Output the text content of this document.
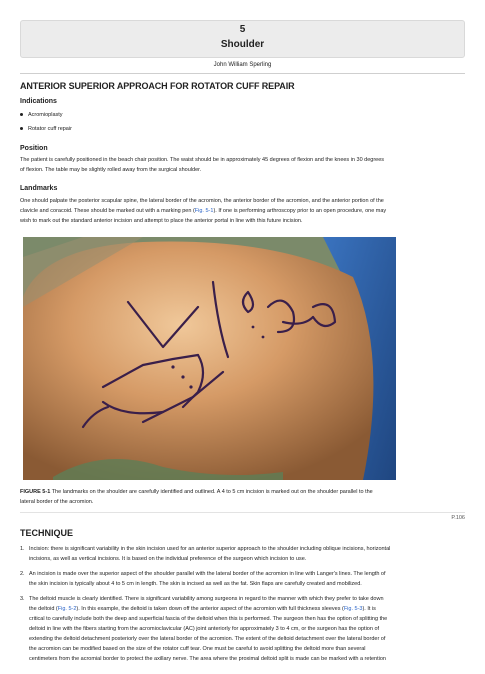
5
Shoulder
John William Sperling
ANTERIOR SUPERIOR APPROACH FOR ROTATOR CUFF REPAIR
Indications
Acromioplasty
Rotator cuff repair
Position
The patient is carefully positioned in the beach chair position. The waist should be in approximately 45 degrees of flexion and the knees in 30 degrees
of flexion. The table may be slightly rolled away from the surgical shoulder.
Landmarks
One should palpate the posterior scapular spine, the lateral border of the acromion, the anterior border of the acromion, and the anterior portion of the
clavicle and coracoid. These should be marked out with a marking pen (Fig. 5-1). If one is performing arthroscopy prior to an open procedure, one may
wish to mark out the standard anterior incision and attempt to place the anterior portal in line with this future incision.
FIGURE 5-1 The landmarks on the shoulder are carefully identified and outlined. A 4 to 5 cm incision is marked out on the shoulder parallel to the
lateral border of the acromion.
P.106
TECHNIQUE
1. Incision: there is significant variability in the skin incision used for an anterior superior approach to the shoulder including oblique incisions, horizontal
incisions, as well as vertical incisions. It is based on the individual preference of the surgeon which incision to use.
2. An incision is made over the superior aspect of the shoulder parallel with the lateral border of the acromion in line with Langer's lines. The length of
the skin incision is typically about 4 to 5 cm in length. The skin is incised as well as the fat. Skin flaps are carefully created and mobilized.
3. The deltoid muscle is clearly identified. There is significant variability among surgeons in regard to the manner with which they prefer to take down
the deltoid (Fig. 5-2). In this example, the deltoid is taken down off the anterior aspect of the acromion with full thickness sleeves (Fig. 5-3). It is
critical to carefully include both the deep and superficial fascia of the deltoid when this is performed. The surgeon then has the option of splitting the
deltoid in line with the fibers starting from the acromioclavicular (AC) joint anteriorly for approximately 3 to 4 cm, or the surgeon has the option of
extending the deltoid detachment posteriorly over the lateral border of the acromion. The extent of the deltoid detachment over the lateral border of
the acromion can be modified based on the size of the rotator cuff tear. One must be careful to avoid splitting the deltoid more than several
centimeters from the acromial border to protect the axillary nerve. The area where the proximal deltoid split is made can be marked with a retention
